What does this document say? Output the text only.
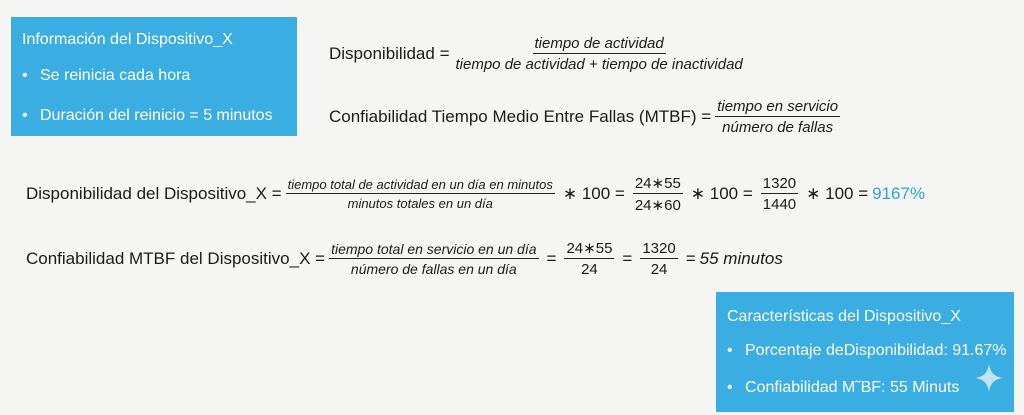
Información del Dispositivo_X
• Se reinicia cada hora
• Duración del reinicio = 5 minutos
Disponibilidad = $\frac{\text{tiempo de actividad}}{\text{tiempo de actividad + tiempo de inactividad}}$
Confiabilidad Tiempo Medio Entre Fallas (MTBF) = $\frac{\text{tiempo en servicio}}{\text{número de fallas}}$
Disponibilidad del Dispositivo_X = $\frac{\text{tiempo total de actividad en un día en minutos}}{\text{minutos totales en un día}}$ ∗ $100 = \frac{24∗55}{24∗60}$ ∗ $100 = \frac{1320}{1440}$ ∗ 100 = 9167%
Confiabilidad MTBF del Dispositivo_X = $\frac{\text{tiempo total en servicio en un día}}{\text{número de fallas en un día}} = \frac{24∗55}{24} = \frac{1320}{24} = 55$ minutos
Características del Dispositivo_X
• Porcentaje deDisponibilidad: 91.67%
• Confiabilidad M˜BF: 55 Minuts
